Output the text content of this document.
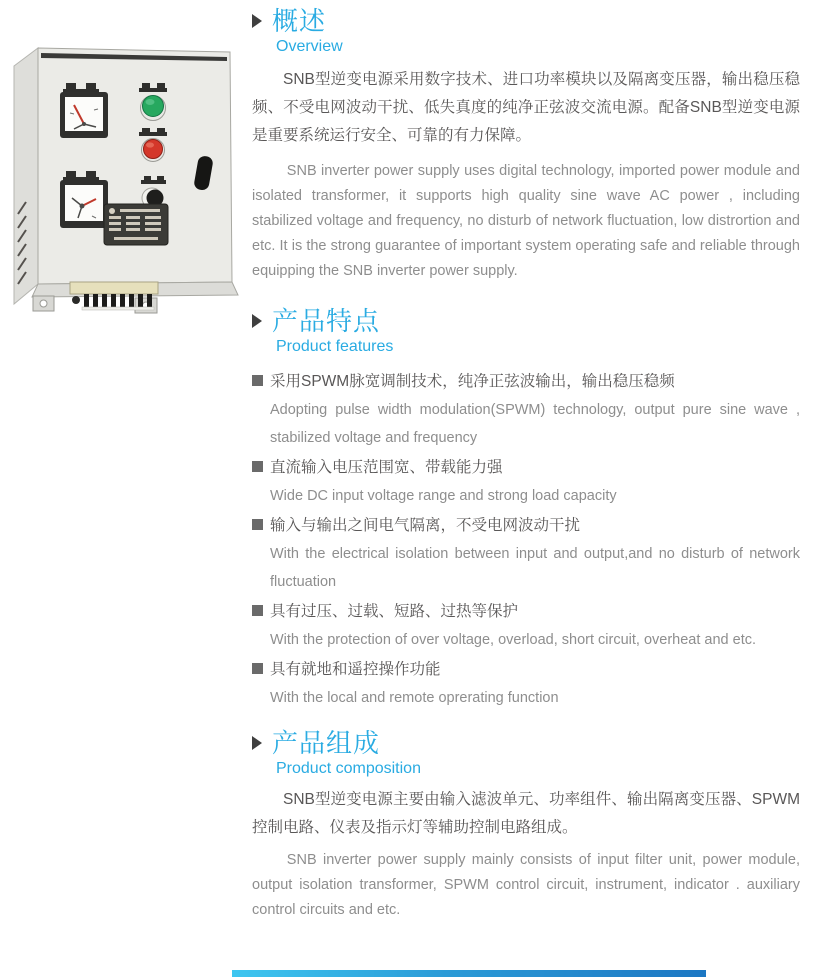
概述
Overview

SNB型逆变电源采用数字技术、进口功率模块以及隔离变压器，输出稳压稳频、不受电网波动干扰、低失真度的纯净正弦波交流电源。配备SNB型逆变电源是重要系统运行安全、可靠的有力保障。

SNB inverter power supply uses digital technology, imported power module and isolated transformer, it supports high quality sine wave AC power , including stabilized voltage and frequency, no disturb of network fluctuation, low distrortion and etc. It is the strong guarantee of important system operating safe and reliable through equipping the SNB inverter power supply.

产品特点
Product features
采用SPWM脉宽调制技术，纯净正弦波输出，输出稳压稳频

Adopting pulse width modulation(SPWM) technology, output pure sine wave , stabilized voltage and frequency

直流输入电压范围宽、带载能力强

Wide DC input voltage range and strong load capacity

输入与输出之间电气隔离，不受电网波动干扰

With the electrical isolation between input and output,and no disturb of network fluctuation

具有过压、过载、短路、过热等保护

With the protection of over voltage, overload, short circuit, overheat and etc.

具有就地和遥控操作功能

With the local and remote oprerating function

产品组成
Product composition

SNB型逆变电源主要由输入滤波单元、功率组件、输出隔离变压器、SPWM控制电路、仪表及指示灯等辅助控制电路组成。

SNB inverter power supply mainly consists of input filter unit, power module, output isolation transformer, SPWM control circuit, instrument, indicator . auxiliary control circuits and etc.
